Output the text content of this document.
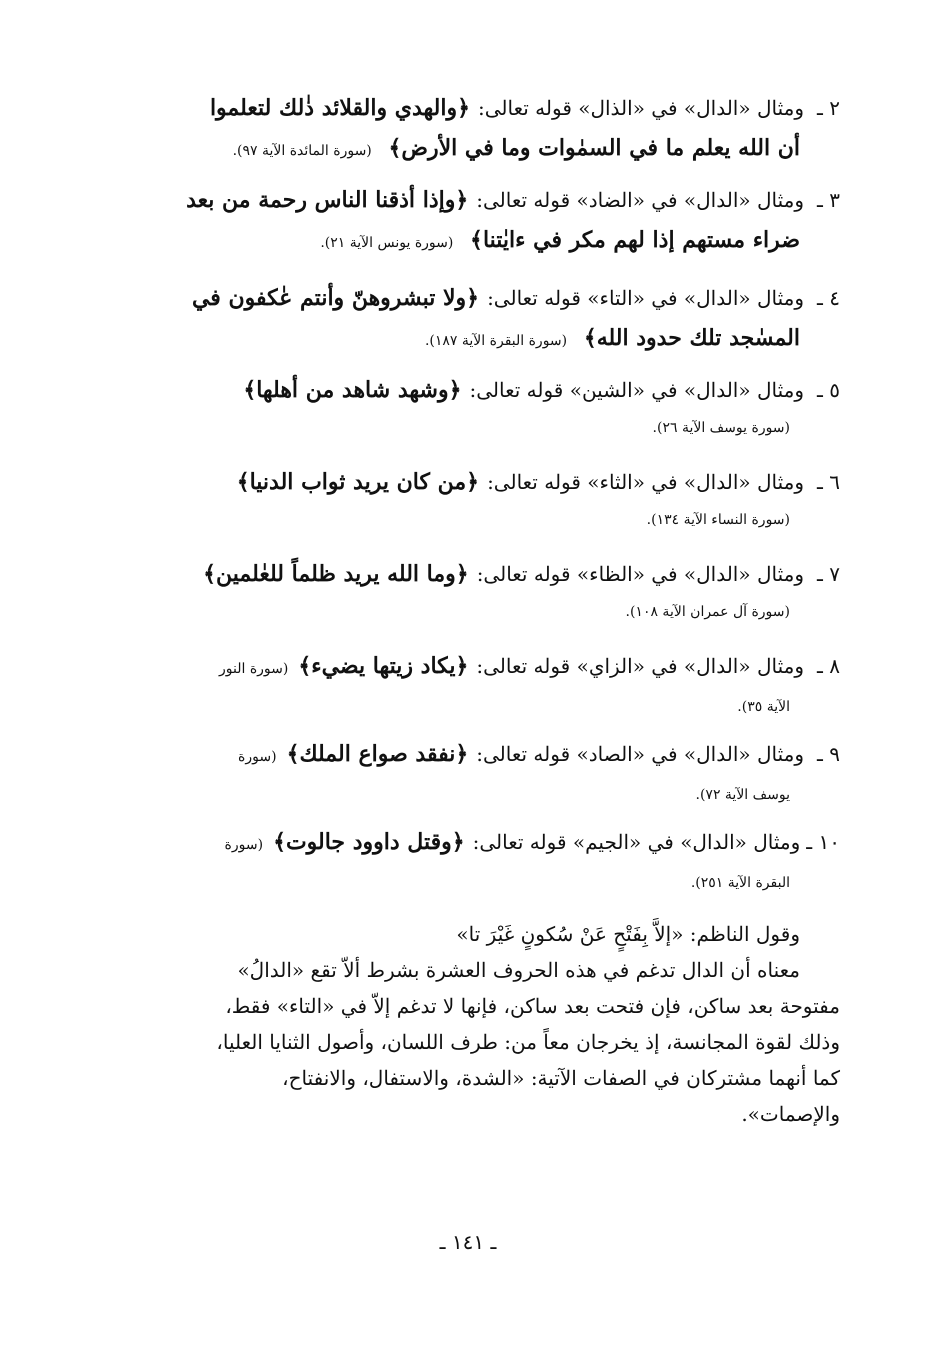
٢ ـ
ومثال «الدال» في «الذال» قوله تعالى:
﴿والهدي والقلائد ذٰلك لتعلموا
أن الله يعلم ما في السمٰوات وما في الأرض﴾ (سورة المائدة الآية ٩٧).
٣ ـ
ومثال «الدال» في «الضاد» قوله تعالى:
﴿وإذا أذقنا الناس رحمة من بعد
ضراء مستهم إذا لهم مكر في ءايٰتنا﴾ (سورة يونس الآية ٢١).
٤ ـ
ومثال «الدال» في «التاء» قوله تعالى:
﴿ولا تبشروهنّ وأنتم عٰكفون في
المسٰجد تلك حدود الله﴾ (سورة البقرة الآية ١٨٧).
٥ ـ
ومثال «الدال» في «الشين» قوله تعالى:
﴿وشهد شاهد من أهلها﴾
(سورة يوسف الآية ٢٦).
٦ ـ
ومثال «الدال» في «الثاء» قوله تعالى:
﴿من كان يريد ثواب الدنيا﴾
(سورة النساء الآية ١٣٤).
٧ ـ
ومثال «الدال» في «الظاء» قوله تعالى:
﴿وما الله يريد ظلماً للعٰلمين﴾
(سورة آل عمران الآية ١٠٨).
٨ ـ
ومثال «الدال» في «الزاي» قوله تعالى:
﴿يكاد زيتها يضيء﴾
(سورة النور
الآية ٣٥).
٩ ـ
ومثال «الدال» في «الصاد» قوله تعالى:
﴿نفقد صواع الملك﴾
(سورة
يوسف الآية ٧٢).
١٠ ـ
ومثال «الدال» في «الجيم» قوله تعالى:
﴿وقتل داوود جالوت﴾
(سورة
البقرة الآية ٢٥١).
وقول الناظم: «إلاَّ بِفَتْحٍ عَنْ سُكونٍ غَيْرَ تا»
معناه أن الدال تدغم في هذه الحروف العشرة بشرط ألاّ تقع «الدالُ»
مفتوحة بعد ساكن، فإن فتحت بعد ساكن، فإنها لا تدغم إلاّ في «التاء» فقط،
وذلك لقوة المجانسة، إذ يخرجان معاً من: طرف اللسان، وأصول الثنايا العليا،
كما أنهما مشتركان في الصفات الآتية: «الشدة، والاستفال، والانفتاح،
والإصمات».
ـ ١٤١ ـ
